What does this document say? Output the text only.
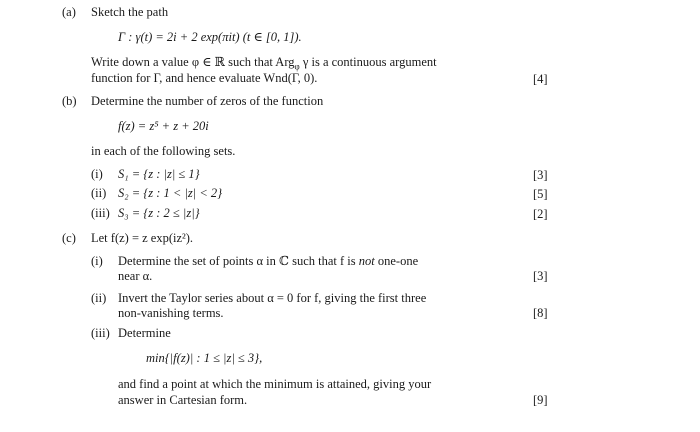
(a) Sketch the path
Γ : γ(t) = 2i + 2 exp(πit) (t ∈ [0, 1]).
Write down a value φ ∈ ℝ such that Arg$_\varphi$ γ is a continuous argument
function for Γ, and hence evaluate Wnd(Γ, 0).	[4]
(b) Determine the number of zeros of the function
f(z) = z⁵ + z + 20i
in each of the following sets.
(i) S₁ = {z : |z| ≤ 1}	[3]
(ii) S₂ = {z : 1 < |z| < 2}	[5]
(iii) S₃ = {z : 2 ≤ |z|}	[2]
(c) Let f(z) = z exp(iz²).
(i) Determine the set of points α in ℂ such that f is not one-one
near α.	[3]
(ii) Invert the Taylor series about α = 0 for f, giving the first three
non-vanishing terms.	[8]
(iii) Determine
min{|f(z)| : 1 ≤ |z| ≤ 3},
and find a point at which the minimum is attained, giving your
answer in Cartesian form.	[9]
